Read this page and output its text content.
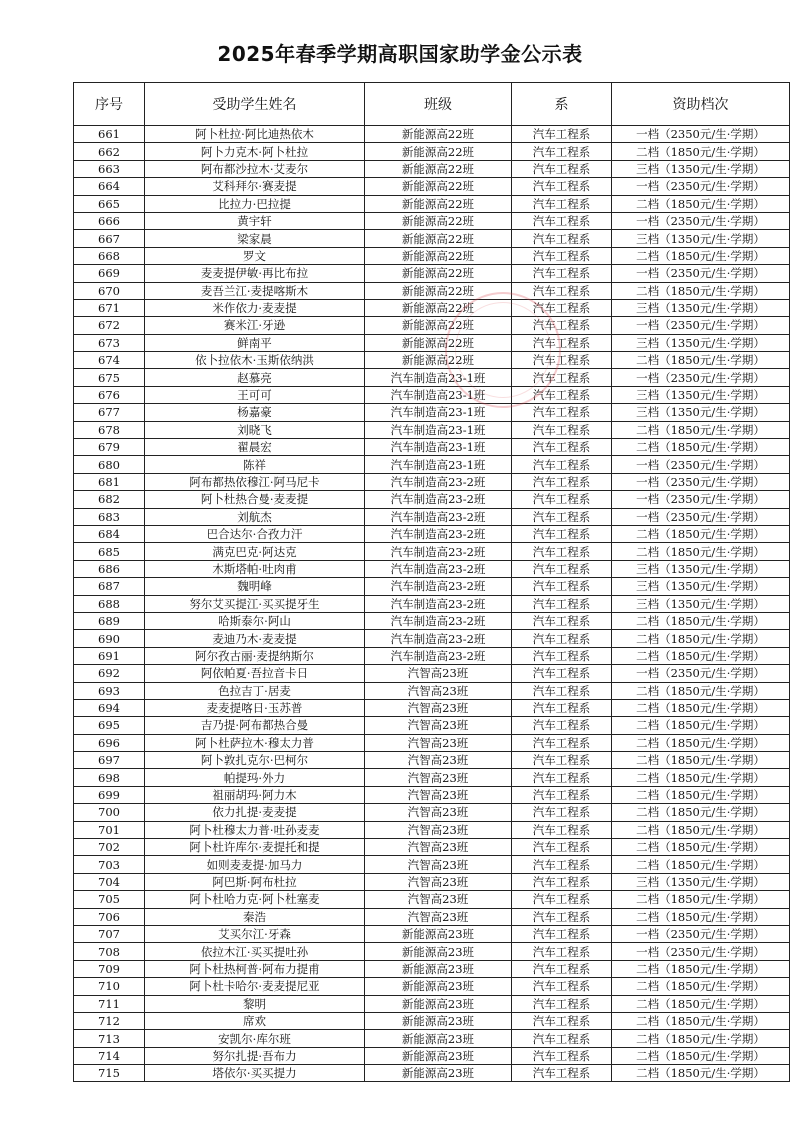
2025年春季学期高职国家助学金公示表
序号	受助学生姓名	班级	系	资助档次
661	阿卜杜拉·阿比迪热依木	新能源高22班	汽车工程系	一档（2350元/生·学期）
662	阿卜力克木·阿卜杜拉	新能源高22班	汽车工程系	二档（1850元/生·学期）
663	阿布都沙拉木·艾麦尔	新能源高22班	汽车工程系	三档（1350元/生·学期）
664	艾科拜尔·赛麦提	新能源高22班	汽车工程系	一档（2350元/生·学期）
665	比拉力·巴拉提	新能源高22班	汽车工程系	二档（1850元/生·学期）
666	黄宇轩	新能源高22班	汽车工程系	一档（2350元/生·学期）
667	梁家晨	新能源高22班	汽车工程系	三档（1350元/生·学期）
668	罗文	新能源高22班	汽车工程系	二档（1850元/生·学期）
669	麦麦提伊敏·再比布拉	新能源高22班	汽车工程系	一档（2350元/生·学期）
670	麦吾兰江·麦提喀斯木	新能源高22班	汽车工程系	二档（1850元/生·学期）
671	米作依力·麦麦提	新能源高22班	汽车工程系	三档（1350元/生·学期）
672	赛米江·牙逊	新能源高22班	汽车工程系	一档（2350元/生·学期）
673	鲜南平	新能源高22班	汽车工程系	三档（1350元/生·学期）
674	依卜拉依木·玉斯依纳洪	新能源高22班	汽车工程系	二档（1850元/生·学期）
675	赵慕亮	汽车制造高23-1班	汽车工程系	一档（2350元/生·学期）
676	王可可	汽车制造高23-1班	汽车工程系	三档（1350元/生·学期）
677	杨嘉豪	汽车制造高23-1班	汽车工程系	三档（1350元/生·学期）
678	刘晓飞	汽车制造高23-1班	汽车工程系	二档（1850元/生·学期）
679	翟晨宏	汽车制造高23-1班	汽车工程系	二档（1850元/生·学期）
680	陈祥	汽车制造高23-1班	汽车工程系	一档（2350元/生·学期）
681	阿布都热依穆江·阿马尼卡	汽车制造高23-2班	汽车工程系	一档（2350元/生·学期）
682	阿卜杜热合曼·麦麦提	汽车制造高23-2班	汽车工程系	一档（2350元/生·学期）
683	刘航杰	汽车制造高23-2班	汽车工程系	一档（2350元/生·学期）
684	巴合达尔·合孜力汗	汽车制造高23-2班	汽车工程系	二档（1850元/生·学期）
685	满克巴克·阿达克	汽车制造高23-2班	汽车工程系	二档（1850元/生·学期）
686	木斯塔帕·吐肉甫	汽车制造高23-2班	汽车工程系	三档（1350元/生·学期）
687	魏明峰	汽车制造高23-2班	汽车工程系	三档（1350元/生·学期）
688	努尔艾买提江·买买提牙生	汽车制造高23-2班	汽车工程系	三档（1350元/生·学期）
689	哈斯泰尔·阿山	汽车制造高23-2班	汽车工程系	二档（1850元/生·学期）
690	麦迪乃木·麦麦提	汽车制造高23-2班	汽车工程系	二档（1850元/生·学期）
691	阿尔孜古丽·麦提纳斯尔	汽车制造高23-2班	汽车工程系	二档（1850元/生·学期）
692	阿依帕夏·吾拉音卡日	汽智高23班	汽车工程系	一档（2350元/生·学期）
693	色拉吉丁·居麦	汽智高23班	汽车工程系	二档（1850元/生·学期）
694	麦麦提喀日·玉苏普	汽智高23班	汽车工程系	二档（1850元/生·学期）
695	吉乃提·阿布都热合曼	汽智高23班	汽车工程系	二档（1850元/生·学期）
696	阿卜杜萨拉木·穆太力普	汽智高23班	汽车工程系	二档（1850元/生·学期）
697	阿卜敦扎克尔·巴柯尔	汽智高23班	汽车工程系	二档（1850元/生·学期）
698	帕提玛·外力	汽智高23班	汽车工程系	二档（1850元/生·学期）
699	祖丽胡玛·阿力木	汽智高23班	汽车工程系	二档（1850元/生·学期）
700	依力扎提·麦麦提	汽智高23班	汽车工程系	二档（1850元/生·学期）
701	阿卜杜穆太力普·吐孙麦麦	汽智高23班	汽车工程系	二档（1850元/生·学期）
702	阿卜杜许库尔·麦提托和提	汽智高23班	汽车工程系	二档（1850元/生·学期）
703	如则麦麦提·加马力	汽智高23班	汽车工程系	二档（1850元/生·学期）
704	阿巴斯·阿布杜拉	汽智高23班	汽车工程系	三档（1350元/生·学期）
705	阿卜杜哈力克·阿卜杜塞麦	汽智高23班	汽车工程系	二档（1850元/生·学期）
706	秦浩	汽智高23班	汽车工程系	二档（1850元/生·学期）
707	艾买尔江·牙森	新能源高23班	汽车工程系	一档（2350元/生·学期）
708	依拉木江·买买提吐孙	新能源高23班	汽车工程系	一档（2350元/生·学期）
709	阿卜杜热柯普·阿布力提甫	新能源高23班	汽车工程系	二档（1850元/生·学期）
710	阿卜杜卡哈尔·麦麦提尼亚	新能源高23班	汽车工程系	二档（1850元/生·学期）
711	黎明	新能源高23班	汽车工程系	二档（1850元/生·学期）
712	席欢	新能源高23班	汽车工程系	二档（1850元/生·学期）
713	安凯尔·库尔班	新能源高23班	汽车工程系	二档（1850元/生·学期）
714	努尔扎提·吾布力	新能源高23班	汽车工程系	二档（1850元/生·学期）
715	塔依尔·买买提力	新能源高23班	汽车工程系	二档（1850元/生·学期）
